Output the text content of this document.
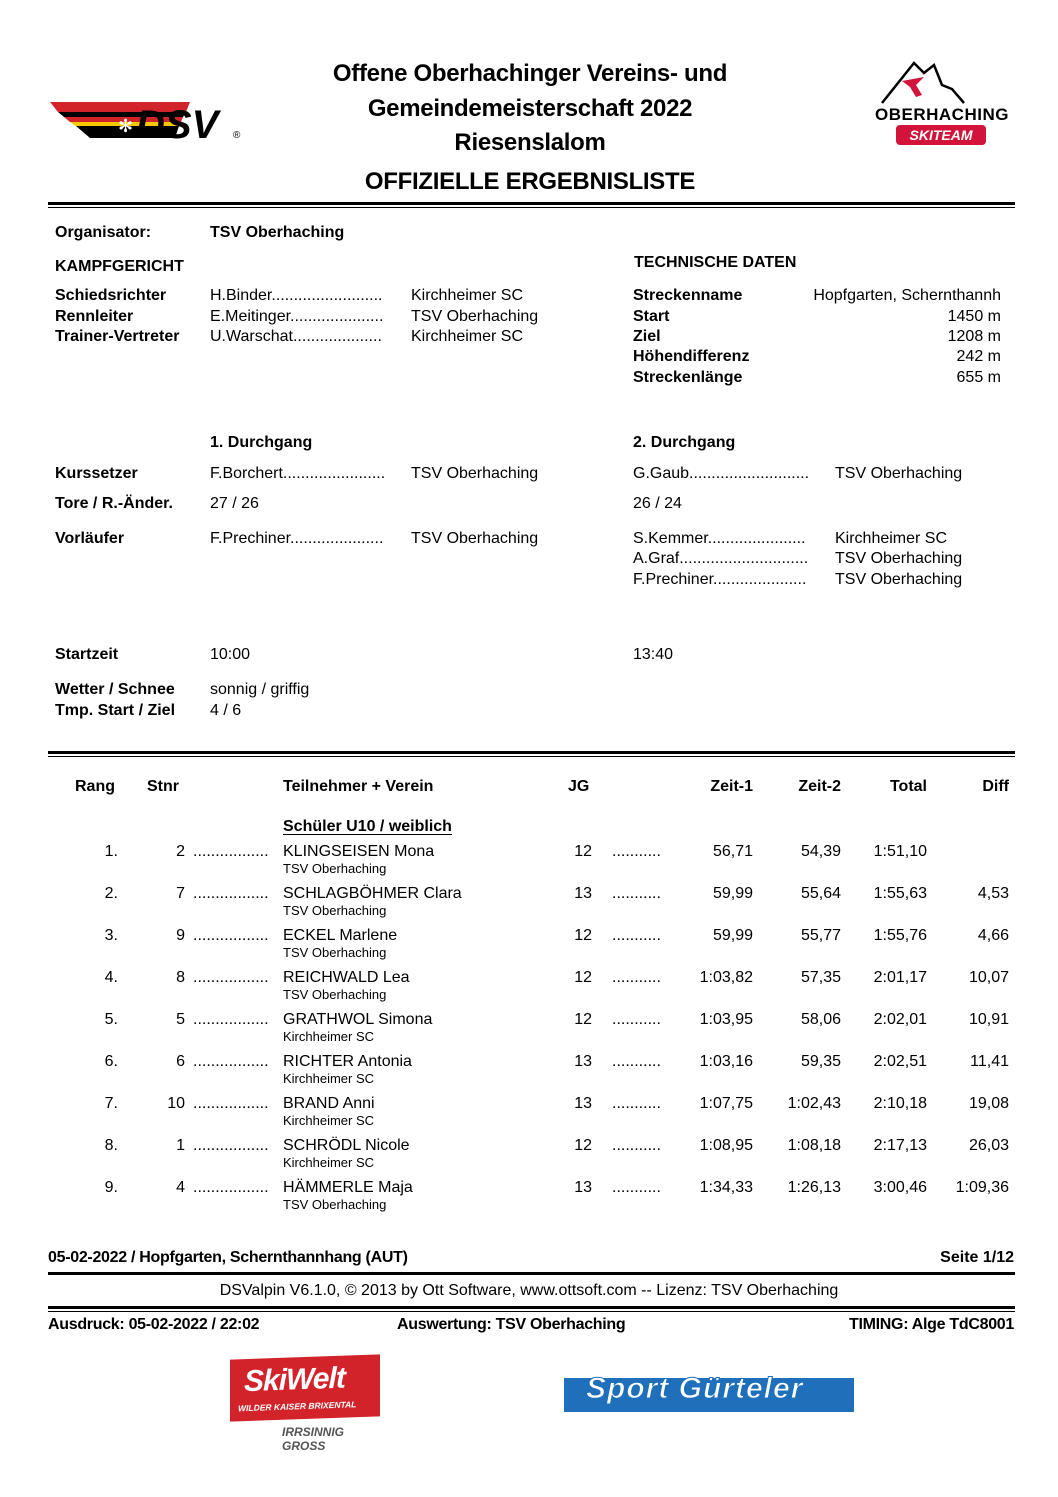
✻ DSV	®
OBERHACHING
SKITEAM
Offene Oberhachinger Vereins- und
Gemeindemeisterschaft 2022
Riesenslalom
OFFIZIELLE ERGEBNISLISTE
Organisator:	TSV Oberhaching
KAMPFGERICHT
Schiedsrichter	H.Binder......................... Kirchheimer SC
Rennleiter	E.Meitinger..................... TSV Oberhaching
Trainer-Vertreter U.Warschat.................... Kirchheimer SC
TECHNISCHE DATEN
Streckenname	Hopfgarten, Schernthannh
Start	1450 m
Ziel	1208 m
Höhendifferenz	242 m
Streckenlänge	655 m
1. Durchgang	2. Durchgang
Kurssetzer	F.Borchert....................... TSV Oberhaching	G.Gaub........................... TSV Oberhaching
Tore / R.-Änder. 27 / 26	26 / 24
Vorläufer	F.Prechiner..................... TSV Oberhaching	S.Kemmer...................... Kirchheimer SC
A.Graf............................. TSV Oberhaching
F.Prechiner..................... TSV Oberhaching
Startzeit	10:00	13:40
Wetter / Schnee sonnig / griffig
Tmp. Start / Ziel 4 / 6
Rang Stnr	Teilnehmer + Verein	JG	Zeit-1	Zeit-2	Total	Diff
Schüler U10 / weiblich
1.	2 ................. KLINGSEISEN Mona	12 ...........	56,71	54,39	1:51,10
TSV Oberhaching
2.	7 ................. SCHLAGBÖHMER Clara	13 ...........	59,99	55,64	1:55,63	4,53
TSV Oberhaching
3.	9 ................. ECKEL Marlene	12 ...........	59,99	55,77	1:55,76	4,66
TSV Oberhaching
4.	8 ................. REICHWALD Lea	12 ...........	1:03,82	57,35	2:01,17	10,07
TSV Oberhaching
5.	5 ................. GRATHWOL Simona	12 ...........	1:03,95	58,06	2:02,01	10,91
Kirchheimer SC
6.	6 ................. RICHTER Antonia	13 ...........	1:03,16	59,35	2:02,51	11,41
Kirchheimer SC
7.	10 ................. BRAND Anni	13 ...........	1:07,75	1:02,43	2:10,18	19,08
Kirchheimer SC
8.	1 ................. SCHRÖDL Nicole	12 ...........	1:08,95	1:08,18	2:17,13	26,03
Kirchheimer SC
9.	4 ................. HÄMMERLE Maja	13 ...........	1:34,33	1:26,13	3:00,46	1:09,36
TSV Oberhaching
05-02-2022 / Hopfgarten, Schernthannhang (AUT)	Seite 1/12
DSValpin V6.1.0, © 2013 by Ott Software, www.ottsoft.com -- Lizenz: TSV Oberhaching
Ausdruck: 05-02-2022 / 22:02	Auswertung: TSV Oberhaching	TIMING: Alge TdC8001
SkiWelt
WILDER KAISER BRIXENTAL
IRRSINNIG GROSS
Sport Gürteler
